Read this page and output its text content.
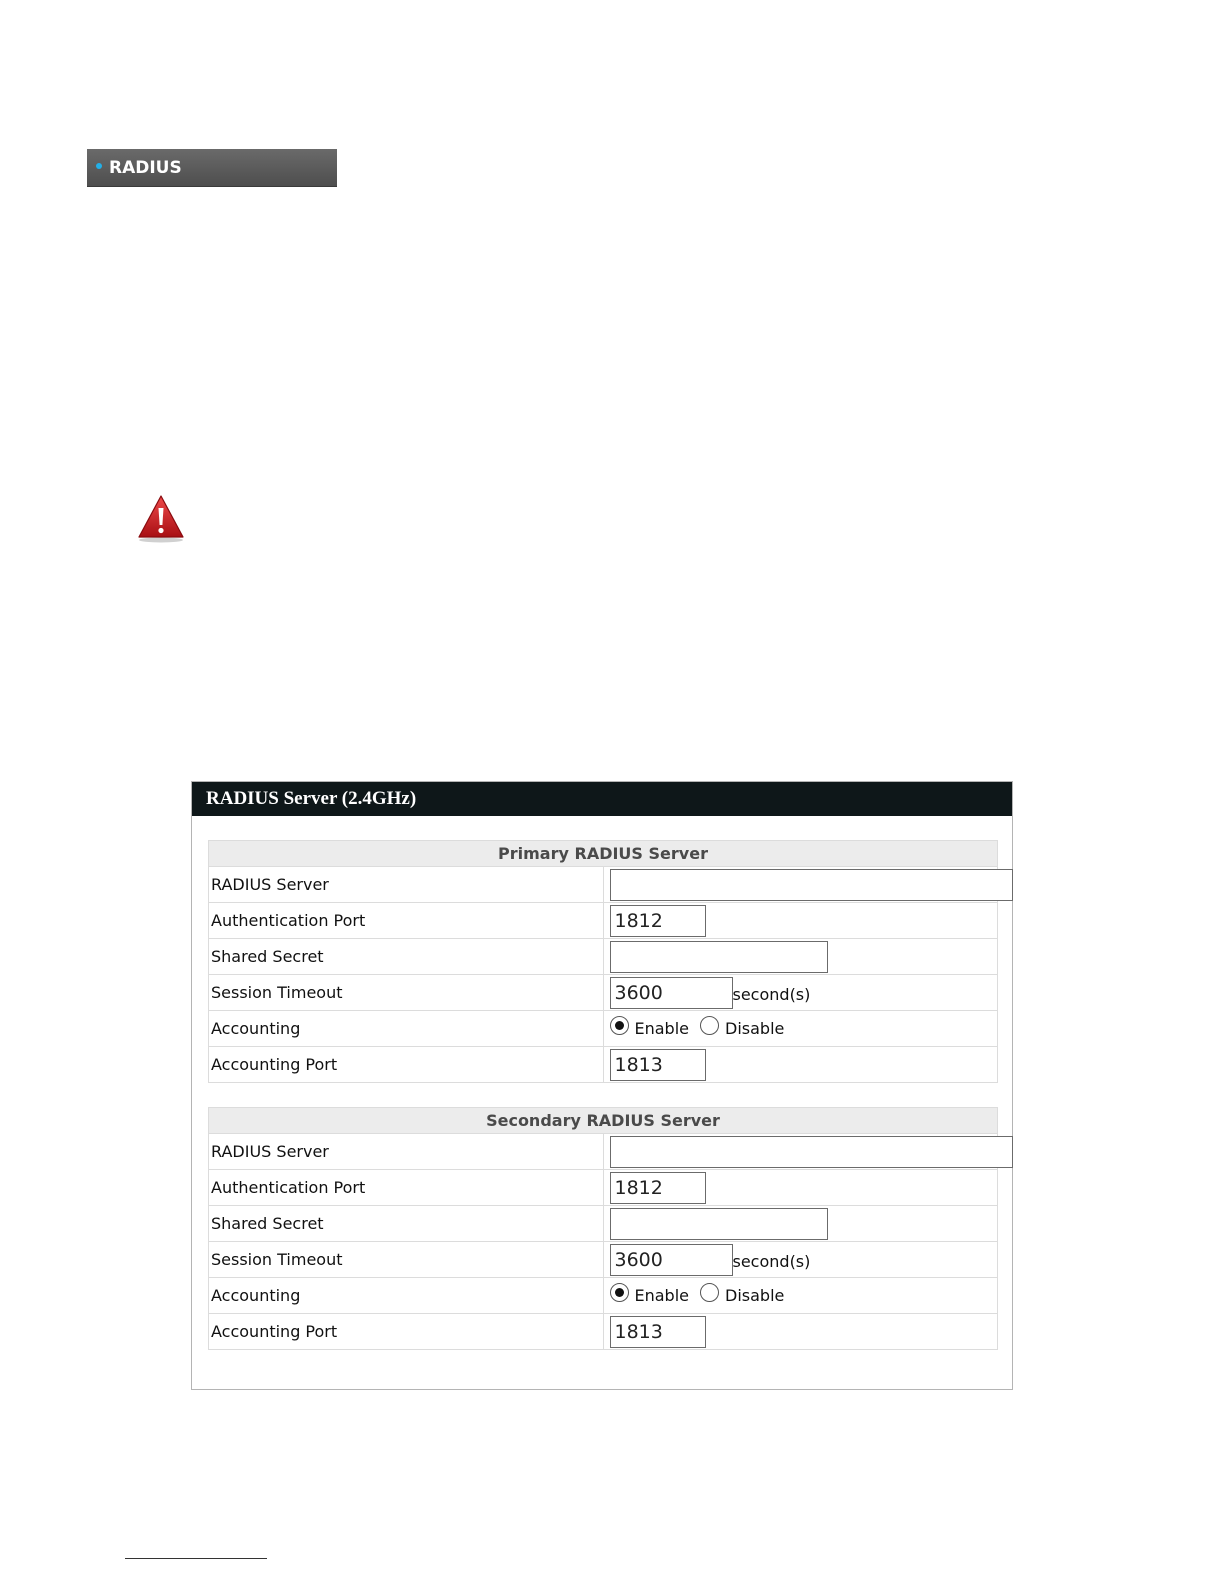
RADIUS
RADIUS Server (2.4GHz)
Primary RADIUS Server	
RADIUS Server	
Authentication Port	1812
Shared Secret	
Session Timeout	3600second(s)
Accounting	Enable Disable

Accounting Port	1813
Secondary RADIUS Server	
RADIUS Server	
Authentication Port	1812
Shared Secret	
Session Timeout	3600second(s)
Accounting	Enable Disable

Accounting Port	1813
